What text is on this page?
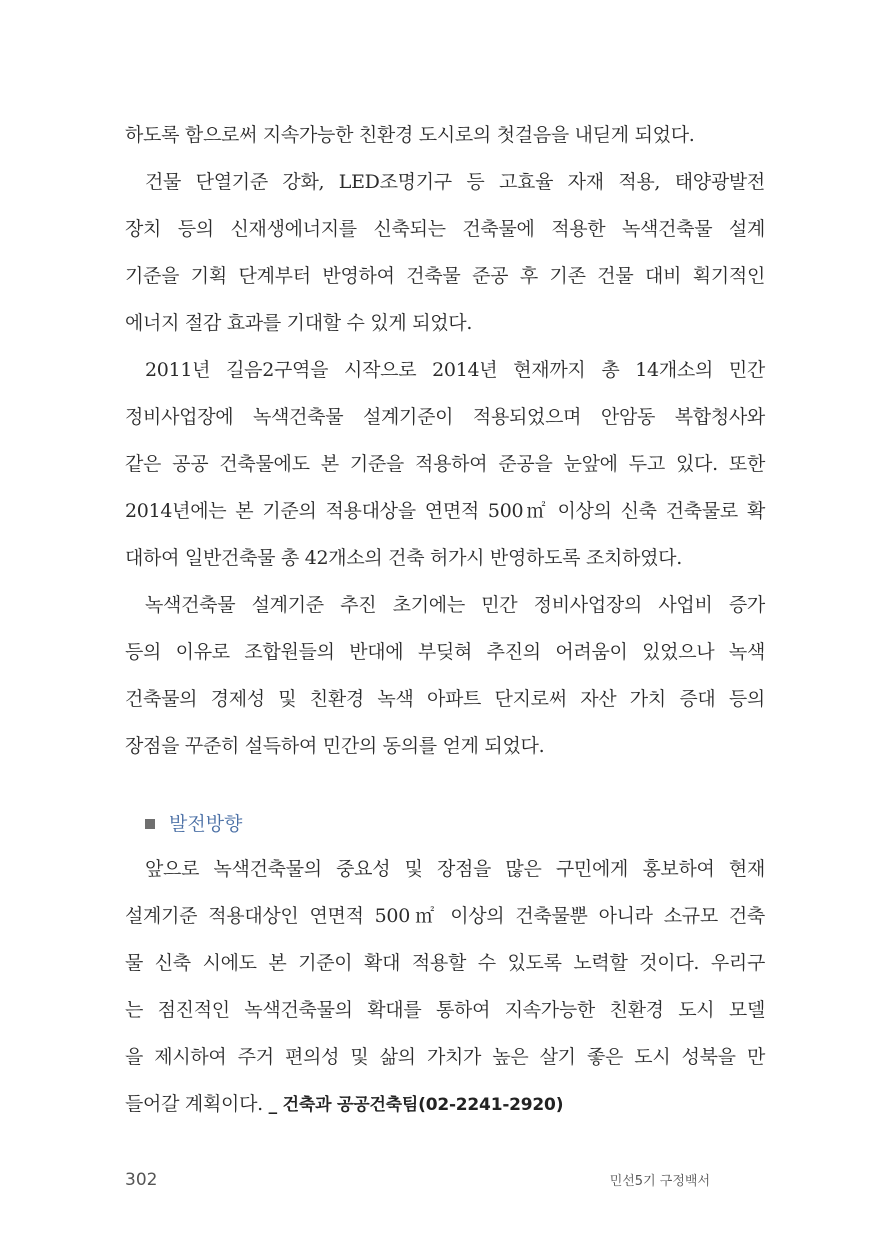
하도록 함으로써 지속가능한 친환경 도시로의 첫걸음을 내딛게 되었다.
건물 단열기준 강화, LED조명기구 등 고효율 자재 적용, 태양광발전
장치 등의 신재생에너지를 신축되는 건축물에 적용한 녹색건축물 설계
기준을 기획 단계부터 반영하여 건축물 준공 후 기존 건물 대비 획기적인
에너지 절감 효과를 기대할 수 있게 되었다.
2011년 길음2구역을 시작으로 2014년 현재까지 총 14개소의 민간
정비사업장에 녹색건축물 설계기준이 적용되었으며 안암동 복합청사와
같은 공공 건축물에도 본 기준을 적용하여 준공을 눈앞에 두고 있다. 또한
2014년에는 본 기준의 적용대상을 연면적 500㎡ 이상의 신축 건축물로 확
대하여 일반건축물 총 42개소의 건축 허가시 반영하도록 조치하였다.
녹색건축물 설계기준 추진 초기에는 민간 정비사업장의 사업비 증가
등의 이유로 조합원들의 반대에 부딪혀 추진의 어려움이 있었으나 녹색
건축물의 경제성 및 친환경 녹색 아파트 단지로써 자산 가치 증대 등의
장점을 꾸준히 설득하여 민간의 동의를 얻게 되었다.
발전방향
앞으로 녹색건축물의 중요성 및 장점을 많은 구민에게 홍보하여 현재
설계기준 적용대상인 연면적 500㎡ 이상의 건축물뿐 아니라 소규모 건축
물 신축 시에도 본 기준이 확대 적용할 수 있도록 노력할 것이다. 우리구
는 점진적인 녹색건축물의 확대를 통하여 지속가능한 친환경 도시 모델
을 제시하여 주거 편의성 및 삶의 가치가 높은 살기 좋은 도시 성북을 만
들어갈 계획이다. _ 건축과 공공건축팀(02-2241-2920)
302	민선5기 구정백서
